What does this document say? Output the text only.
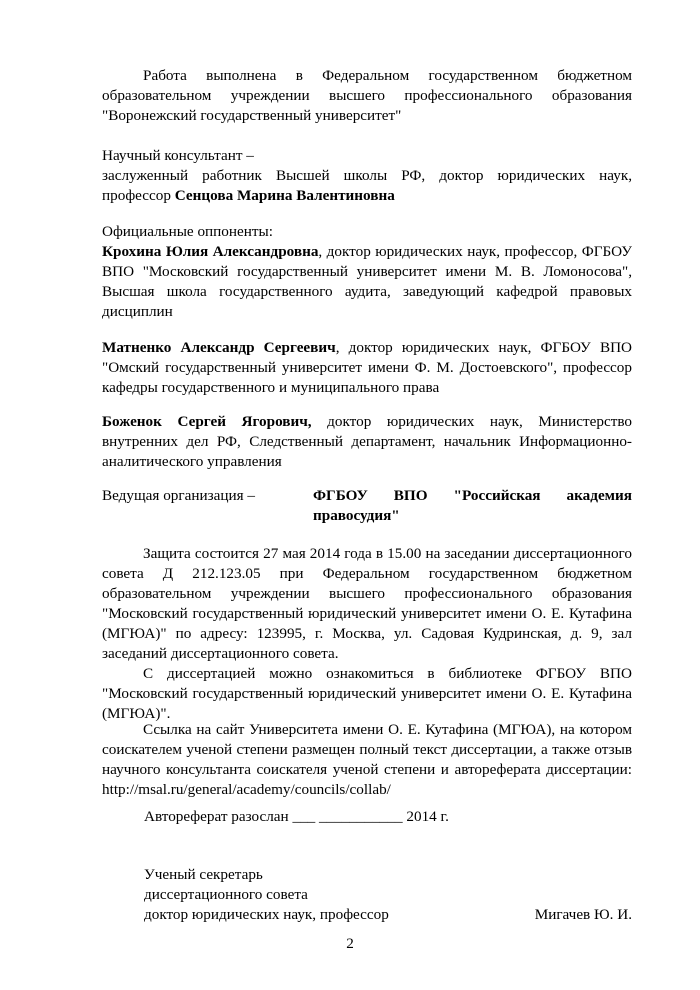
Работа выполнена в Федеральном государственном бюджетном образовательном учреждении высшего профессионального образования "Воронежский государственный университет"

Научный консультант –

заслуженный работник Высшей школы РФ, доктор юридических наук, профессор Сенцова Марина Валентиновна

Официальные оппоненты:

Крохина Юлия Александровна, доктор юридических наук, профессор, ФГБОУ ВПО "Московский государственный университет имени М. В. Ломоносова", Высшая школа государственного аудита, заведующий кафедрой правовых дисциплин

Матненко Александр Сергеевич, доктор юридических наук, ФГБОУ ВПО "Омский государственный университет имени Ф. М. Достоевского", профессор кафедры государственного и муниципального права

Боженок Сергей Ягорович, доктор юридических наук, Министерство внутренних дел РФ, Следственный департамент, начальник Информационно-аналитического управления

Ведущая организация –	ФГБОУ ВПО "Российская академия правосудия"

Защита состоится 27 мая 2014 года в 15.00 на заседании диссертационного совета Д 212.123.05 при Федеральном государственном бюджетном образовательном учреждении высшего профессионального образования "Московский государственный юридический университет имени О. Е. Кутафина (МГЮА)" по адресу: 123995, г. Москва, ул. Садовая Кудринская, д. 9, зал заседаний диссертационного совета.

С диссертацией можно ознакомиться в библиотеке ФГБОУ ВПО "Московский государственный юридический университет имени О. Е. Кутафина (МГЮА)".

Ссылка на сайт Университета имени О. Е. Кутафина (МГЮА), на котором соискателем ученой степени размещен полный текст диссертации, а также отзыв научного консультанта соискателя ученой степени и автореферата диссертации: http://msal.ru/general/academy/councils/collab/

Автореферат разослан ___ ___________ 2014 г.
Ученый секретарь
диссертационного совета
доктор юридических наук, профессор	Мигачев Ю. И.
2
